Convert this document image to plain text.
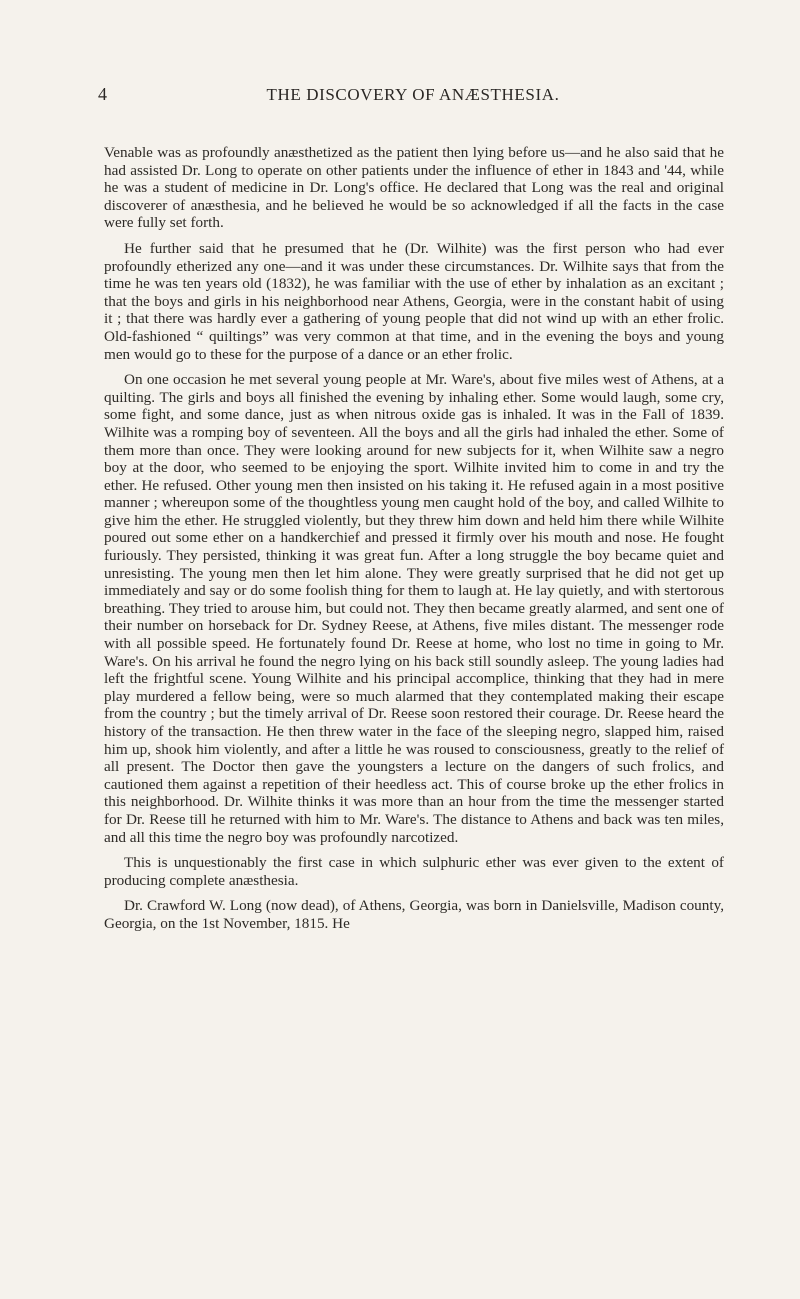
4	THE DISCOVERY OF ANÆSTHESIA.

Venable was as profoundly anæsthetized as the patient then lying before us—and he also said that he had assisted Dr. Long to operate on other patients under the influence of ether in 1843 and '44, while he was a student of medicine in Dr. Long's office. He declared that Long was the real and original discoverer of anæsthesia, and he believed he would be so acknowledged if all the facts in the case were fully set forth.

He further said that he presumed that he (Dr. Wilhite) was the first person who had ever profoundly etherized any one—and it was under these circumstances. Dr. Wilhite says that from the time he was ten years old (1832), he was familiar with the use of ether by inhalation as an excitant ; that the boys and girls in his neighborhood near Athens, Georgia, were in the constant habit of using it ; that there was hardly ever a gathering of young people that did not wind up with an ether frolic. Old-fashioned “ quiltings” was very common at that time, and in the evening the boys and young men would go to these for the purpose of a dance or an ether frolic.

On one occasion he met several young people at Mr. Ware's, about five miles west of Athens, at a quilting. The girls and boys all finished the evening by inhaling ether. Some would laugh, some cry, some fight, and some dance, just as when nitrous oxide gas is inhaled. It was in the Fall of 1839. Wilhite was a romping boy of seventeen. All the boys and all the girls had inhaled the ether. Some of them more than once. They were looking around for new subjects for it, when Wilhite saw a negro boy at the door, who seemed to be enjoying the sport. Wilhite invited him to come in and try the ether. He refused. Other young men then insisted on his taking it. He refused again in a most positive manner ; whereupon some of the thoughtless young men caught hold of the boy, and called Wilhite to give him the ether. He struggled violently, but they threw him down and held him there while Wilhite poured out some ether on a handkerchief and pressed it firmly over his mouth and nose. He fought furiously. They persisted, thinking it was great fun. After a long struggle the boy became quiet and unresisting. The young men then let him alone. They were greatly surprised that he did not get up immediately and say or do some foolish thing for them to laugh at. He lay quietly, and with stertorous breathing. They tried to arouse him, but could not. They then became greatly alarmed, and sent one of their number on horseback for Dr. Sydney Reese, at Athens, five miles distant. The messenger rode with all possible speed. He fortunately found Dr. Reese at home, who lost no time in going to Mr. Ware's. On his arrival he found the negro lying on his back still soundly asleep. The young ladies had left the frightful scene. Young Wilhite and his principal accomplice, thinking that they had in mere play murdered a fellow being, were so much alarmed that they contemplated making their escape from the country ; but the timely arrival of Dr. Reese soon restored their courage. Dr. Reese heard the history of the transaction. He then threw water in the face of the sleeping negro, slapped him, raised him up, shook him violently, and after a little he was roused to consciousness, greatly to the relief of all present. The Doctor then gave the youngsters a lecture on the dangers of such frolics, and cautioned them against a repetition of their heedless act. This of course broke up the ether frolics in this neighborhood. Dr. Wilhite thinks it was more than an hour from the time the messenger started for Dr. Reese till he returned with him to Mr. Ware's. The distance to Athens and back was ten miles, and all this time the negro boy was profoundly narcotized.

This is unquestionably the first case in which sulphuric ether was ever given to the extent of producing complete anæsthesia.

Dr. Crawford W. Long (now dead), of Athens, Georgia, was born in Danielsville, Madison county, Georgia, on the 1st November, 1815. He
